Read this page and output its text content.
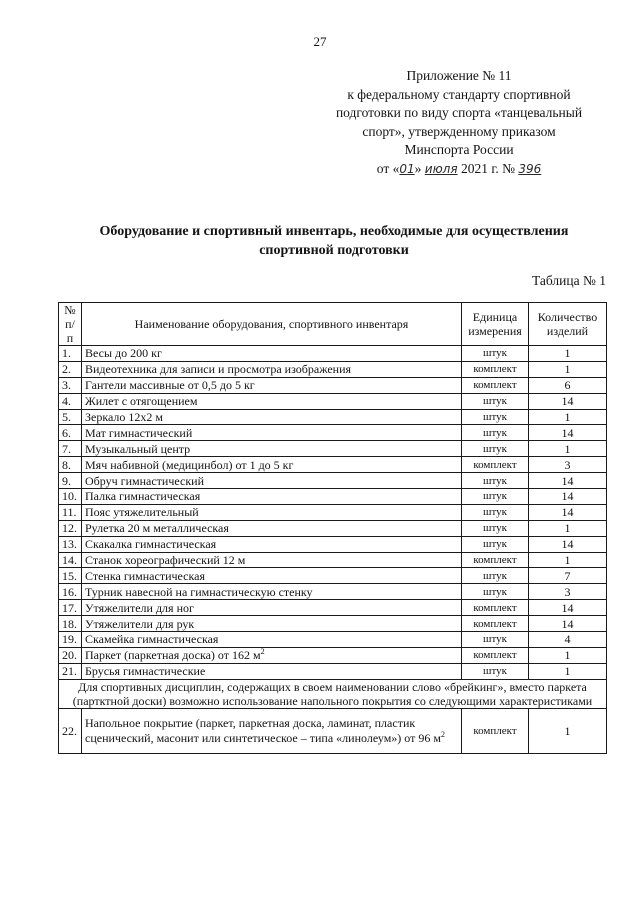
27
Приложение № 11
к федеральному стандарту спортивной
подготовки по виду спорта «танцевальный
спорт», утвержденному приказом
Минспорта России
от «01» июля 2021 г. № 396
Оборудование и спортивный инвентарь, необходимые для осуществления
спортивной подготовки
Таблица № 1
№ п/п	Наименование оборудования, спортивного инвентаря	Единица измерения	Количество изделий
1.	Весы до 200 кг	штук	1
2.	Видеотехника для записи и просмотра изображения	комплект	1
3.	Гантели массивные от 0,5 до 5 кг	комплект	6
4.	Жилет с отягощением	штук	14
5.	Зеркало 12х2 м	штук	1
6.	Мат гимнастический	штук	14
7.	Музыкальный центр	штук	1
8.	Мяч набивной (медицинбол) от 1 до 5 кг	комплект	3
9.	Обруч гимнастический	штук	14
10.	Палка гимнастическая	штук	14
11.	Пояс утяжелительный	штук	14
12.	Рулетка 20 м металлическая	штук	1
13.	Скакалка гимнастическая	штук	14
14.	Станок хореографический 12 м	комплект	1
15.	Стенка гимнастическая	штук	7
16.	Турник навесной на гимнастическую стенку	штук	3
17.	Утяжелители для ног	комплект	14
18.	Утяжелители для рук	комплект	14
19.	Скамейка гимнастическая	штук	4
20.	Паркет (паркетная доска) от 162 $м^2$	комплект	1
21.	Брусья гимнастические	штук	1
Для спортивных дисциплин, содержащих в своем наименовании слово «брейкинг», вместо паркета (партктной доски) возможно использование напольного покрытия со следующими характеристиками			
22.	Напольное покрытие (паркет, паркетная доска, ламинат, пластик сценический, масонит или синтетическое – типа «линолеум») от 96 $м^2$	комплект	1
